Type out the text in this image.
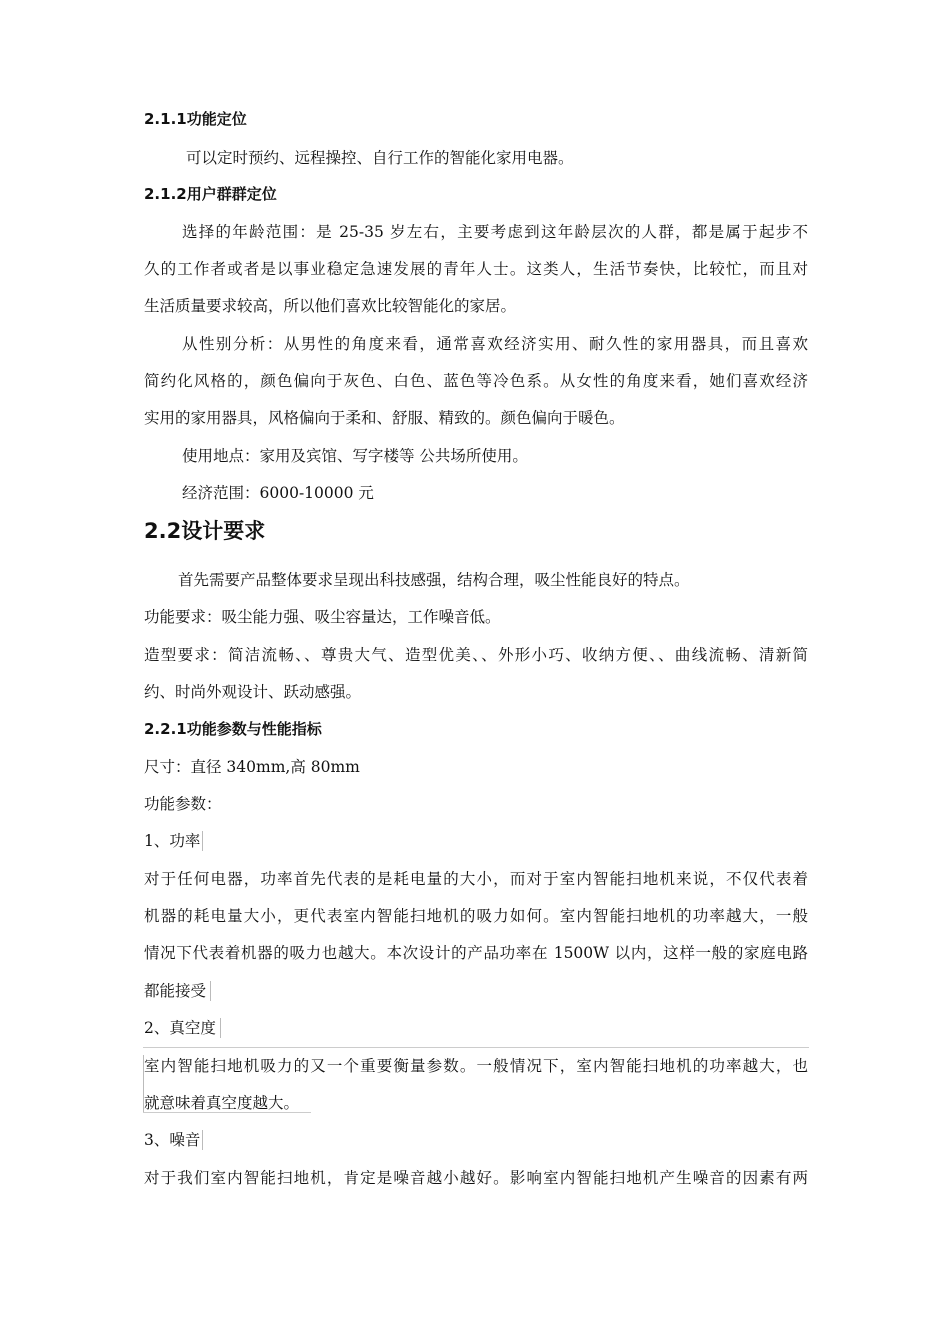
2.1.1功能定位
可以定时预约、远程操控、自行工作的智能化家用电器。
2.1.2用户群群定位
选择的年龄范围：是 25-35 岁左右，主要考虑到这年龄层次的人群，都是属于起步不
久的工作者或者是以事业稳定急速发展的青年人士。这类人，生活节奏快，比较忙，而且对
生活质量要求较高，所以他们喜欢比较智能化的家居。
从性别分析：从男性的角度来看，通常喜欢经济实用、耐久性的家用器具，而且喜欢
简约化风格的，颜色偏向于灰色、白色、蓝色等冷色系。从女性的角度来看，她们喜欢经济
实用的家用器具，风格偏向于柔和、舒服、精致的。颜色偏向于暖色。
使用地点：家用及宾馆、写字楼等 公共场所使用。
经济范围：6000-10000 元
2.2设计要求
首先需要产品整体要求呈现出科技感强，结构合理，吸尘性能良好的特点。
功能要求：吸尘能力强、吸尘容量达，工作噪音低。
造型要求：简洁流畅、、尊贵大气、造型优美、、外形小巧、收纳方便、、曲线流畅、清新简
约、时尚外观设计、跃动感强。
2.2.1功能参数与性能指标
尺寸：直径 340mm,高 80mm
功能参数：
1、功率
对于任何电器，功率首先代表的是耗电量的大小，而对于室内智能扫地机来说，不仅代表着
机器的耗电量大小，更代表室内智能扫地机的吸力如何。室内智能扫地机的功率越大，一般
情况下代表着机器的吸力也越大。本次设计的产品功率在 1500W 以内，这样一般的家庭电路
都能接受
2、真空度
室内智能扫地机吸力的又一个重要衡量参数。一般情况下，室内智能扫地机的功率越大，也
就意味着真空度越大。
3、噪音
对于我们室内智能扫地机，肯定是噪音越小越好。影响室内智能扫地机产生噪音的因素有两
